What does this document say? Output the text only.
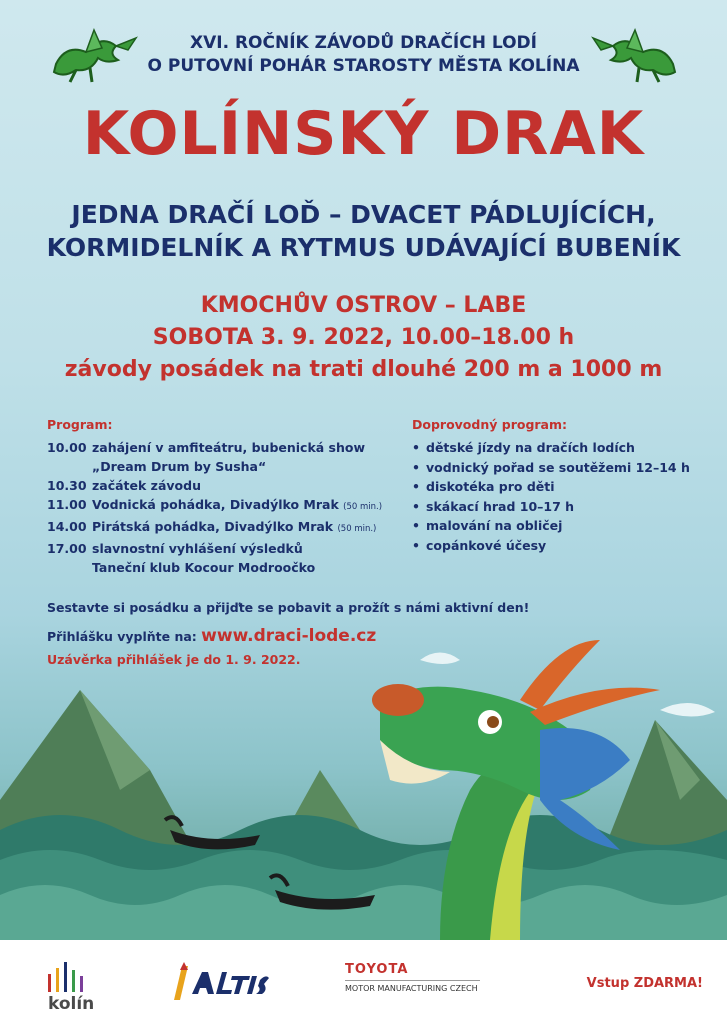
XVI. ROČNÍK ZÁVODŮ DRAČÍCH LODÍ
O PUTOVNÍ POHÁR STAROSTY MĚSTA KOLÍNA
KOLÍNSKÝ DRAK
JEDNA DRAČÍ LOĎ – DVACET PÁDLUJÍCÍCH,
KORMIDELNÍK A RYTMUS UDÁVAJÍCÍ BUBENÍK
KMOCHŮV OSTROV – LABE
SOBOTA 3. 9. 2022, 10.00–18.00 h
závody posádek na trati dlouhé 200 m a 1000 m
Program:
10.00 zahájení v amfiteátru, bubenická show
„Dream Drum by Susha“
10.30 začátek závodu
11.00 Vodnická pohádka, Divadýlko Mrak (50 min.)
14.00 Pirátská pohádka, Divadýlko Mrak (50 min.)
17.00 slavnostní vyhlášení výsledků
Taneční klub Kocour Modroočko
Doprovodný program:
• dětské jízdy na dračích lodích
• vodnický pořad se soutěžemi 12–14 h
• diskotéka pro děti
• skákací hrad 10–17 h
• malování na obličej
• copánkové účesy
Sestavte si posádku a přijďte se pobavit a prožít s námi aktivní den!
Přihlášku vyplňte na: www.draci-lode.cz
Uzávěrka přihlášek je do 1. 9. 2022.
kolín
TOYOTA
MOTOR MANUFACTURING CZECH	Vstup ZDARMA!
